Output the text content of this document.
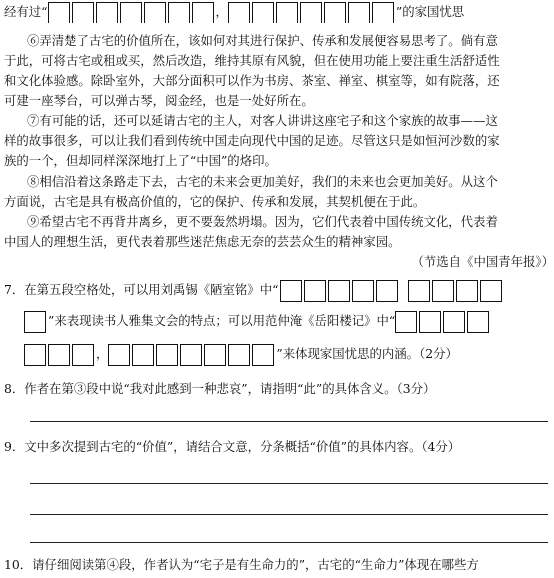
经有过“	，	”的家国忧思
⑥弄清楚了古宅的价值所在，该如何对其进行保护、传承和发展便容易思考了。倘有意
于此，可将古宅或租或买，然后改造，维持其原有风貌，但在使用功能上要注重生活舒适性
和文化体验感。除卧室外，大部分面积可以作为书房、茶室、禅室、棋室等，如有院落，还
可建一座琴台，可以弹古琴，阅金经，也是一处好所在。
⑦有可能的话，还可以延请古宅的主人，对客人讲讲这座宅子和这个家族的故事——这
样的故事很多，可以让我们看到传统中国走向现代中国的足迹。尽管这只是如恒河沙数的家
族的一个，但却同样深深地打上了“中国”的烙印。
⑧相信沿着这条路走下去，古宅的未来会更加美好，我们的未来也会更加美好。从这个
方面说，古宅是具有极高价值的，它的保护、传承和发展，其契机便在于此。
⑨希望古宅不再背井离乡，更不要轰然坍塌。因为，它们代表着中国传统文化，代表着
中国人的理想生活，更代表着那些迷茫焦虑无奈的芸芸众生的精神家园。
（节选自《中国青年报》）
7．在第五段空格处，可以用刘禹锡《陋室铭》中“
”来表现读书人雅集文会的特点；可以用范仲淹《岳阳楼记》中“
，	”来体现家国忧思的内涵。（2分）
8．作者在第③段中说“我对此感到一种悲哀”，请指明“此”的具体含义。（3分）
9．文中多次提到古宅的“价值”，请结合文意，分条概括“价值”的具体内容。（4分）
10．请仔细阅读第④段，作者认为“宅子是有生命力的”，古宅的“生命力”体现在哪些方
